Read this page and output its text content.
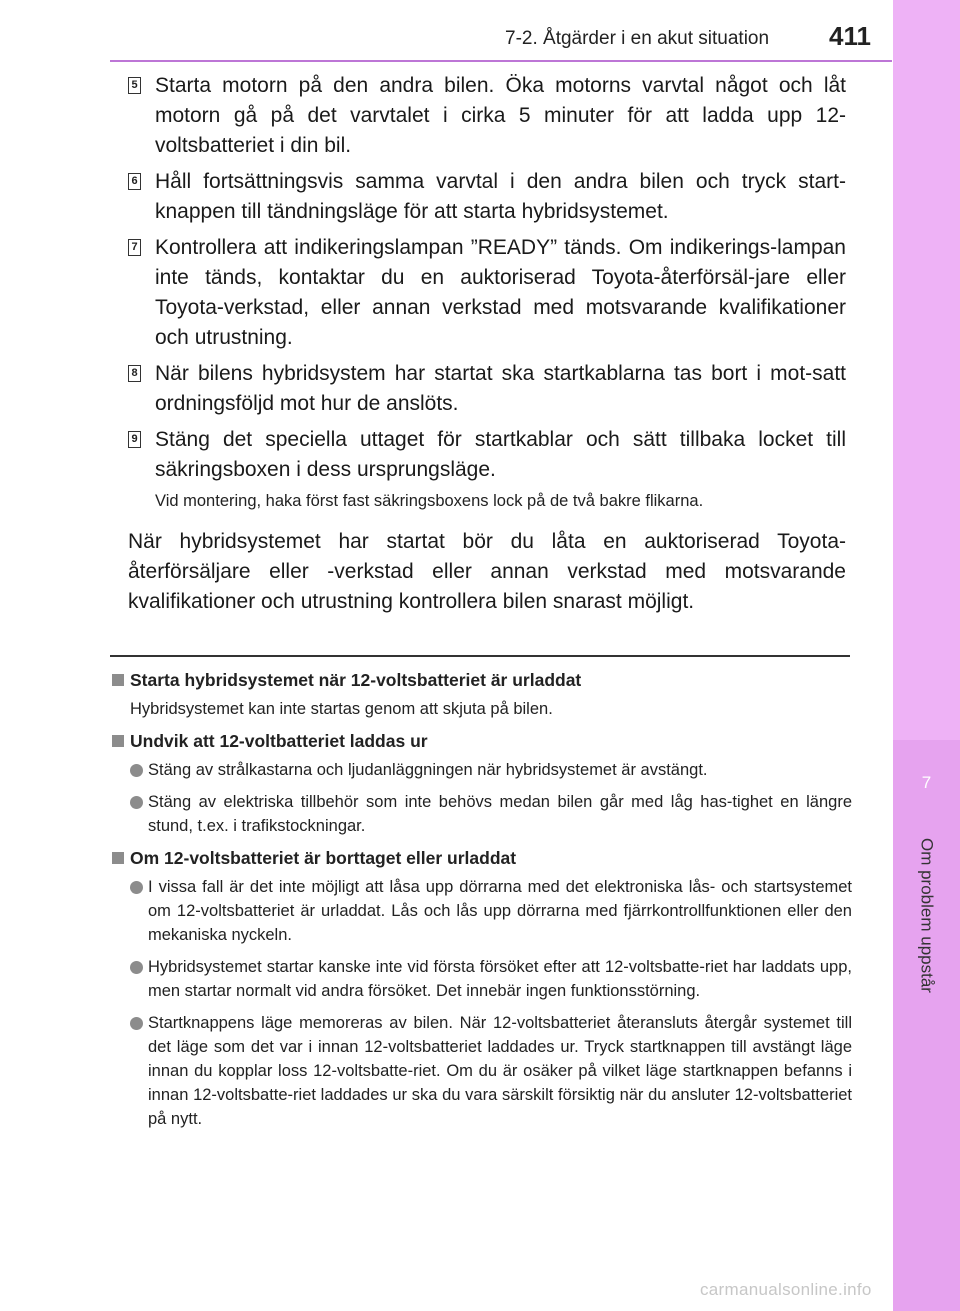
7-2. Åtgärder i en akut situation 411
7
Om problem uppstår
5 Starta motorn på den andra bilen. Öka motorns varvtal något och låt motorn gå på det varvtalet i cirka 5 minuter för att ladda upp 12-voltsbatteriet i din bil.
6 Håll fortsättningsvis samma varvtal i den andra bilen och tryck start-knappen till tändningsläge för att starta hybridsystemet.
7 Kontrollera att indikeringslampan ”READY” tänds. Om indikerings-lampan inte tänds, kontaktar du en auktoriserad Toyota-återförsäl-jare eller Toyota-verkstad, eller annan verkstad med motsvarande kvalifikationer och utrustning.
8 När bilens hybridsystem har startat ska startkablarna tas bort i mot-satt ordningsföljd mot hur de anslöts.
9 Stäng det speciella uttaget för startkablar och sätt tillbaka locket till säkringsboxen i dess ursprungsläge.
Vid montering, haka först fast säkringsboxens lock på de två bakre flikarna.
När hybridsystemet har startat bör du låta en auktoriserad Toyota-återförsäljare eller -verkstad eller annan verkstad med motsvarande kvalifikationer och utrustning kontrollera bilen snarast möjligt.
Starta hybridsystemet när 12-voltsbatteriet är urladdat
Hybridsystemet kan inte startas genom att skjuta på bilen.
Undvik att 12-voltbatteriet laddas ur
Stäng av strålkastarna och ljudanläggningen när hybridsystemet är avstängt.
Stäng av elektriska tillbehör som inte behövs medan bilen går med låg has-tighet en längre stund, t.ex. i trafikstockningar.
Om 12-voltsbatteriet är borttaget eller urladdat
I vissa fall är det inte möjligt att låsa upp dörrarna med det elektroniska lås- och startsystemet om 12-voltsbatteriet är urladdat. Lås och lås upp dörrarna med fjärrkontrollfunktionen eller den mekaniska nyckeln.
Hybridsystemet startar kanske inte vid första försöket efter att 12-voltsbatte-riet har laddats upp, men startar normalt vid andra försöket. Det innebär ingen funktionsstörning.
Startknappens läge memoreras av bilen. När 12-voltsbatteriet återansluts återgår systemet till det läge som det var i innan 12-voltsbatteriet laddades ur. Tryck startknappen till avstängt läge innan du kopplar loss 12-voltsbatte-riet. Om du är osäker på vilket läge startknappen befanns i innan 12-voltsbatte-riet laddades ur ska du vara särskilt försiktig när du ansluter 12-voltsbatteriet på nytt.
carmanualsonline.info
